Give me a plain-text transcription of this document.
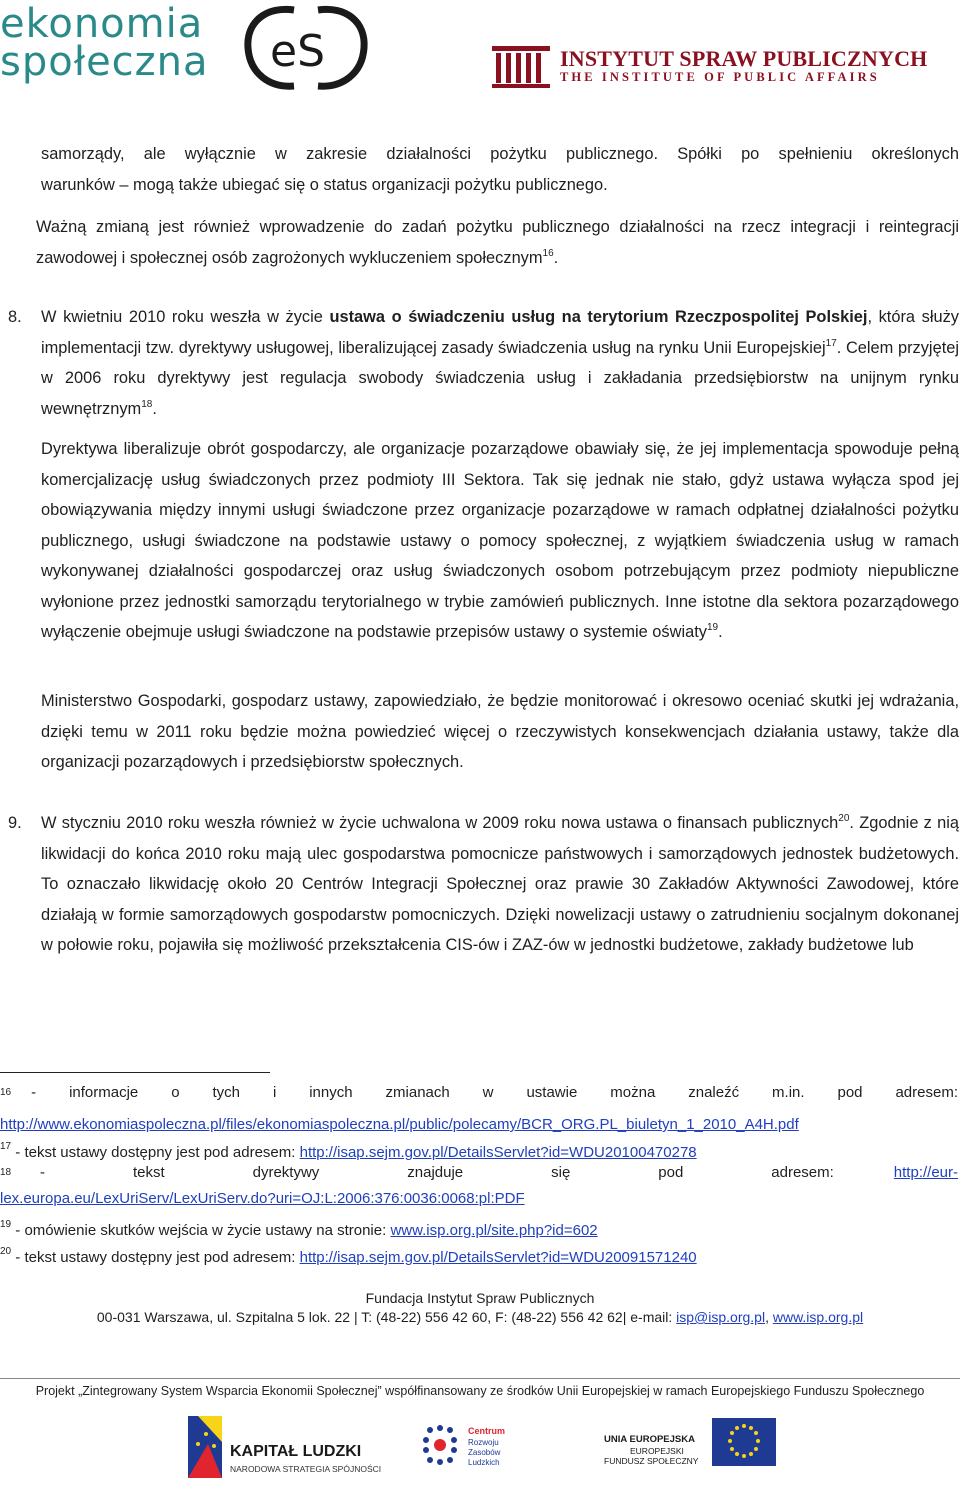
ekonomia
społeczna eS	INSTYTUT SPRAW PUBLICZNYCH
THE INSTITUTE OF PUBLIC AFFAIRS
samorządy, ale wyłącznie w zakresie działalności pożytku publicznego. Spółki po spełnieniu określonych
warunków – mogą także ubiegać się o status organizacji pożytku publicznego.
Ważną zmianą jest również wprowadzenie do zadań pożytku publicznego działalności na rzecz integracji i reintegracji zawodowej i społecznej osób zagrożonych wykluczeniem społecznym$^{16}$.
8. W kwietniu 2010 roku weszła w życie ustawa o świadczeniu usług na terytorium Rzeczpospolitej Polskiej, która służy implementacji tzw. dyrektywy usługowej, liberalizującej zasady świadczenia usług na rynku Unii Europejskiej$^{17}$. Celem przyjętej w 2006 roku dyrektywy jest regulacja swobody świadczenia usług i zakładania przedsiębiorstw na unijnym rynku wewnętrznym$^{18}$.
Dyrektywa liberalizuje obrót gospodarczy, ale organizacje pozarządowe obawiały się, że jej implementacja spowoduje pełną komercjalizację usług świadczonych przez podmioty III Sektora. Tak się jednak nie stało, gdyż ustawa wyłącza spod jej obowiązywania między innymi usługi świadczone przez organizacje pozarządowe w ramach odpłatnej działalności pożytku publicznego, usługi świadczone na podstawie ustawy o pomocy społecznej, z wyjątkiem świadczenia usług w ramach wykonywanej działalności gospodarczej oraz usług świadczonych osobom potrzebującym przez podmioty niepubliczne wyłonione przez jednostki samorządu terytorialnego w trybie zamówień publicznych. Inne istotne dla sektora pozarządowego wyłączenie obejmuje usługi świadczone na podstawie przepisów ustawy o systemie oświaty$^{19}$.
Ministerstwo Gospodarki, gospodarz ustawy, zapowiedziało, że będzie monitorować i okresowo oceniać skutki jej wdrażania, dzięki temu w 2011 roku będzie można powiedzieć więcej o rzeczywistych konsekwencjach działania ustawy, także dla organizacji pozarządowych i przedsiębiorstw społecznych.
9. W styczniu 2010 roku weszła również w życie uchwalona w 2009 roku nowa ustawa o finansach publicznych$^{20}$. Zgodnie z nią likwidacji do końca 2010 roku mają ulec gospodarstwa pomocnicze państwowych i samorządowych jednostek budżetowych. To oznaczało likwidację około 20 Centrów Integracji Społecznej oraz prawie 30 Zakładów Aktywności Zawodowej, które działają w formie samorządowych gospodarstw pomocniczych. Dzięki nowelizacji ustawy o zatrudnieniu socjalnym dokonanej w połowie roku, pojawiła się możliwość przekształcenia CIS-ów i ZAZ-ów w jednostki budżetowe, zakłady budżetowe lub
$^{16}$ - informacje o tych i innych zmianach w ustawie można znaleźć m.in. pod adresem:
http://www.ekonomiaspoleczna.pl/files/ekonomiaspoleczna.pl/public/polecamy/BCR_ORG.PL_biuletyn_1_2010_A4H.pdf
$^{17}$ - tekst ustawy dostępny jest pod adresem: http://isap.sejm.gov.pl/DetailsServlet?id=WDU20100470278
18	- tekst dyrektywy znajduje się pod adresem:	http://eur-
lex.europa.eu/LexUriServ/LexUriServ.do?uri=OJ:L:2006:376:0036:0068:pl:PDF
$^{19}$ - omówienie skutków wejścia w życie ustawy na stronie: www.isp.org.pl/site.php?id=602
$^{20}$ - tekst ustawy dostępny jest pod adresem: http://isap.sejm.gov.pl/DetailsServlet?id=WDU20091571240
Fundacja Instytut Spraw Publicznych
00-031 Warszawa, ul. Szpitalna 5 lok. 22 | T: (48-22) 556 42 60, F: (48-22) 556 42 62| e-mail: isp@isp.org.pl, www.isp.org.pl
Projekt „Zintegrowany System Wsparcia Ekonomii Społecznej” współfinansowany ze środków Unii Europejskiej w ramach Europejskiego Funduszu Społecznego
KAPITAŁ LUDZKI
NARODOWA STRATEGIA SPÓJNOŚCI
Centrum
Rozwoju
Zasobów
Ludzkich
UNIA EUROPEJSKA
EUROPEJSKI
FUNDUSZ SPOŁECZNY
